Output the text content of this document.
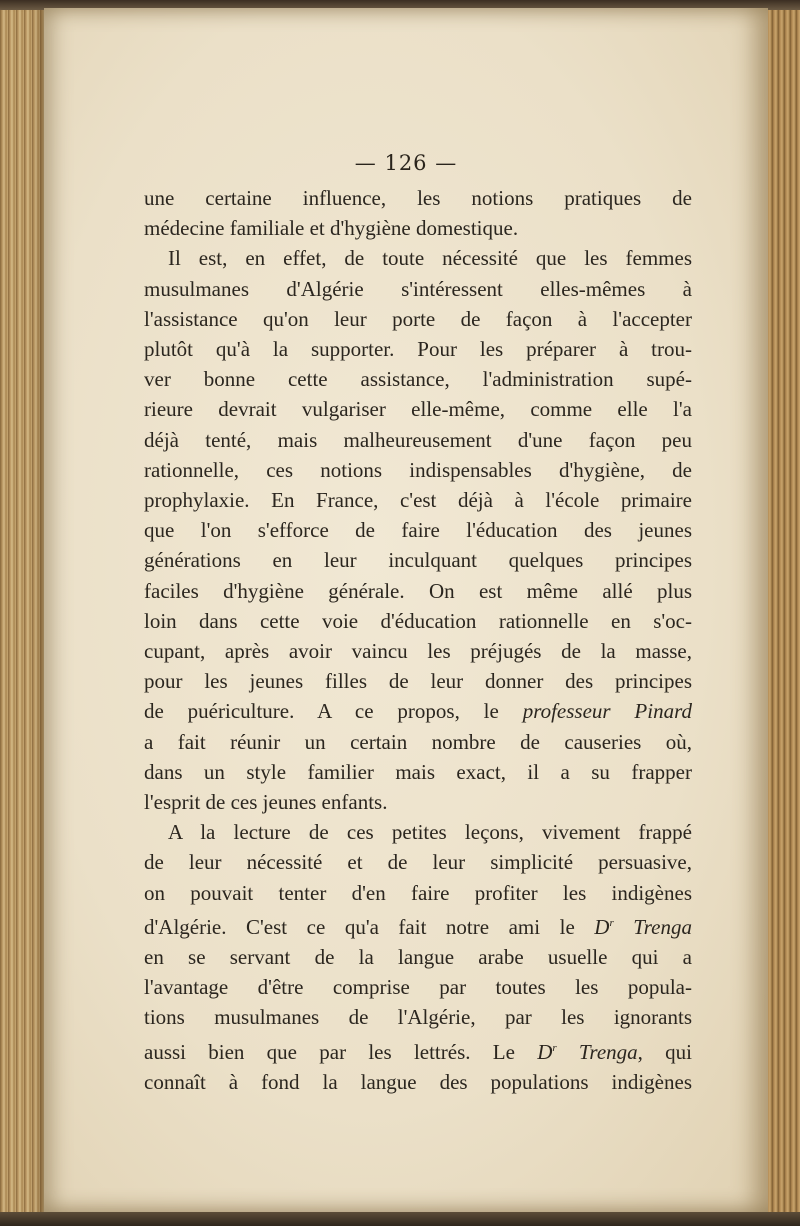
— 126 —
une certaine influence, les notions pratiques de
médecine familiale et d'hygiène domestique.
Il est, en effet, de toute nécessité que les femmes
musulmanes d'Algérie s'intéressent elles-mêmes à
l'assistance qu'on leur porte de façon à l'accepter
plutôt qu'à la supporter. Pour les préparer à trou-
ver bonne cette assistance, l'administration supé-
rieure devrait vulgariser elle-même, comme elle l'a
déjà tenté, mais malheureusement d'une façon peu
rationnelle, ces notions indispensables d'hygiène, de
prophylaxie. En France, c'est déjà à l'école primaire
que l'on s'efforce de faire l'éducation des jeunes
générations en leur inculquant quelques principes
faciles d'hygiène générale. On est même allé plus
loin dans cette voie d'éducation rationnelle en s'oc-
cupant, après avoir vaincu les préjugés de la masse,
pour les jeunes filles de leur donner des principes
de puériculture. A ce propos, le professeur Pinard
a fait réunir un certain nombre de causeries où,
dans un style familier mais exact, il a su frapper
l'esprit de ces jeunes enfants.
A la lecture de ces petites leçons, vivement frappé
de leur nécessité et de leur simplicité persuasive,
on pouvait tenter d'en faire profiter les indigènes
d'Algérie. C'est ce qu'a fait notre ami le $D^r$ Trenga
en se servant de la langue arabe usuelle qui a
l'avantage d'être comprise par toutes les popula-
tions musulmanes de l'Algérie, par les ignorants
aussi bien que par les lettrés. Le $D^r$ Trenga, qui
connaît à fond la langue des populations indigènes
